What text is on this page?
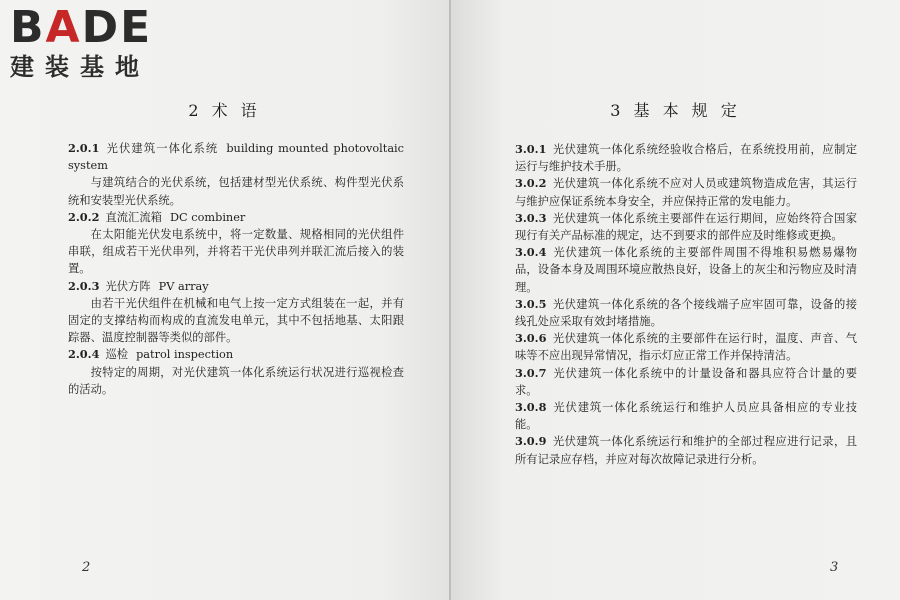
B A D E
建装基地
2 术 语

2.0.1 光伏建筑一体化系统 building mounted photovoltaic system

与建筑结合的光伏系统，包括建材型光伏系统、构件型光伏系统和安装型光伏系统。

2.0.2 直流汇流箱 DC combiner

在太阳能光伏发电系统中，将一定数量、规格相同的光伏组件串联，组成若干光伏串列，并将若干光伏串列并联汇流后接入的装置。

2.0.3 光伏方阵 PV array

由若干光伏组件在机械和电气上按一定方式组装在一起，并有固定的支撑结构而构成的直流发电单元，其中不包括地基、太阳跟踪器、温度控制器等类似的部件。

2.0.4 巡检 patrol inspection

按特定的周期，对光伏建筑一体化系统运行状况进行巡视检查的活动。

2
3 基 本 规 定

3.0.1 光伏建筑一体化系统经验收合格后，在系统投用前，应制定运行与维护技术手册。

3.0.2 光伏建筑一体化系统不应对人员或建筑物造成危害，其运行与维护应保证系统本身安全，并应保持正常的发电能力。

3.0.3 光伏建筑一体化系统主要部件在运行期间，应始终符合国家现行有关产品标准的规定，达不到要求的部件应及时维修或更换。

3.0.4 光伏建筑一体化系统的主要部件周围不得堆积易燃易爆物品，设备本身及周围环境应散热良好，设备上的灰尘和污物应及时清理。

3.0.5 光伏建筑一体化系统的各个接线端子应牢固可靠，设备的接线孔处应采取有效封堵措施。

3.0.6 光伏建筑一体化系统的主要部件在运行时，温度、声音、气味等不应出现异常情况，指示灯应正常工作并保持清洁。

3.0.7 光伏建筑一体化系统中的计量设备和器具应符合计量的要求。

3.0.8 光伏建筑一体化系统运行和维护人员应具备相应的专业技能。

3.0.9 光伏建筑一体化系统运行和维护的全部过程应进行记录，且所有记录应存档，并应对每次故障记录进行分析。

3
